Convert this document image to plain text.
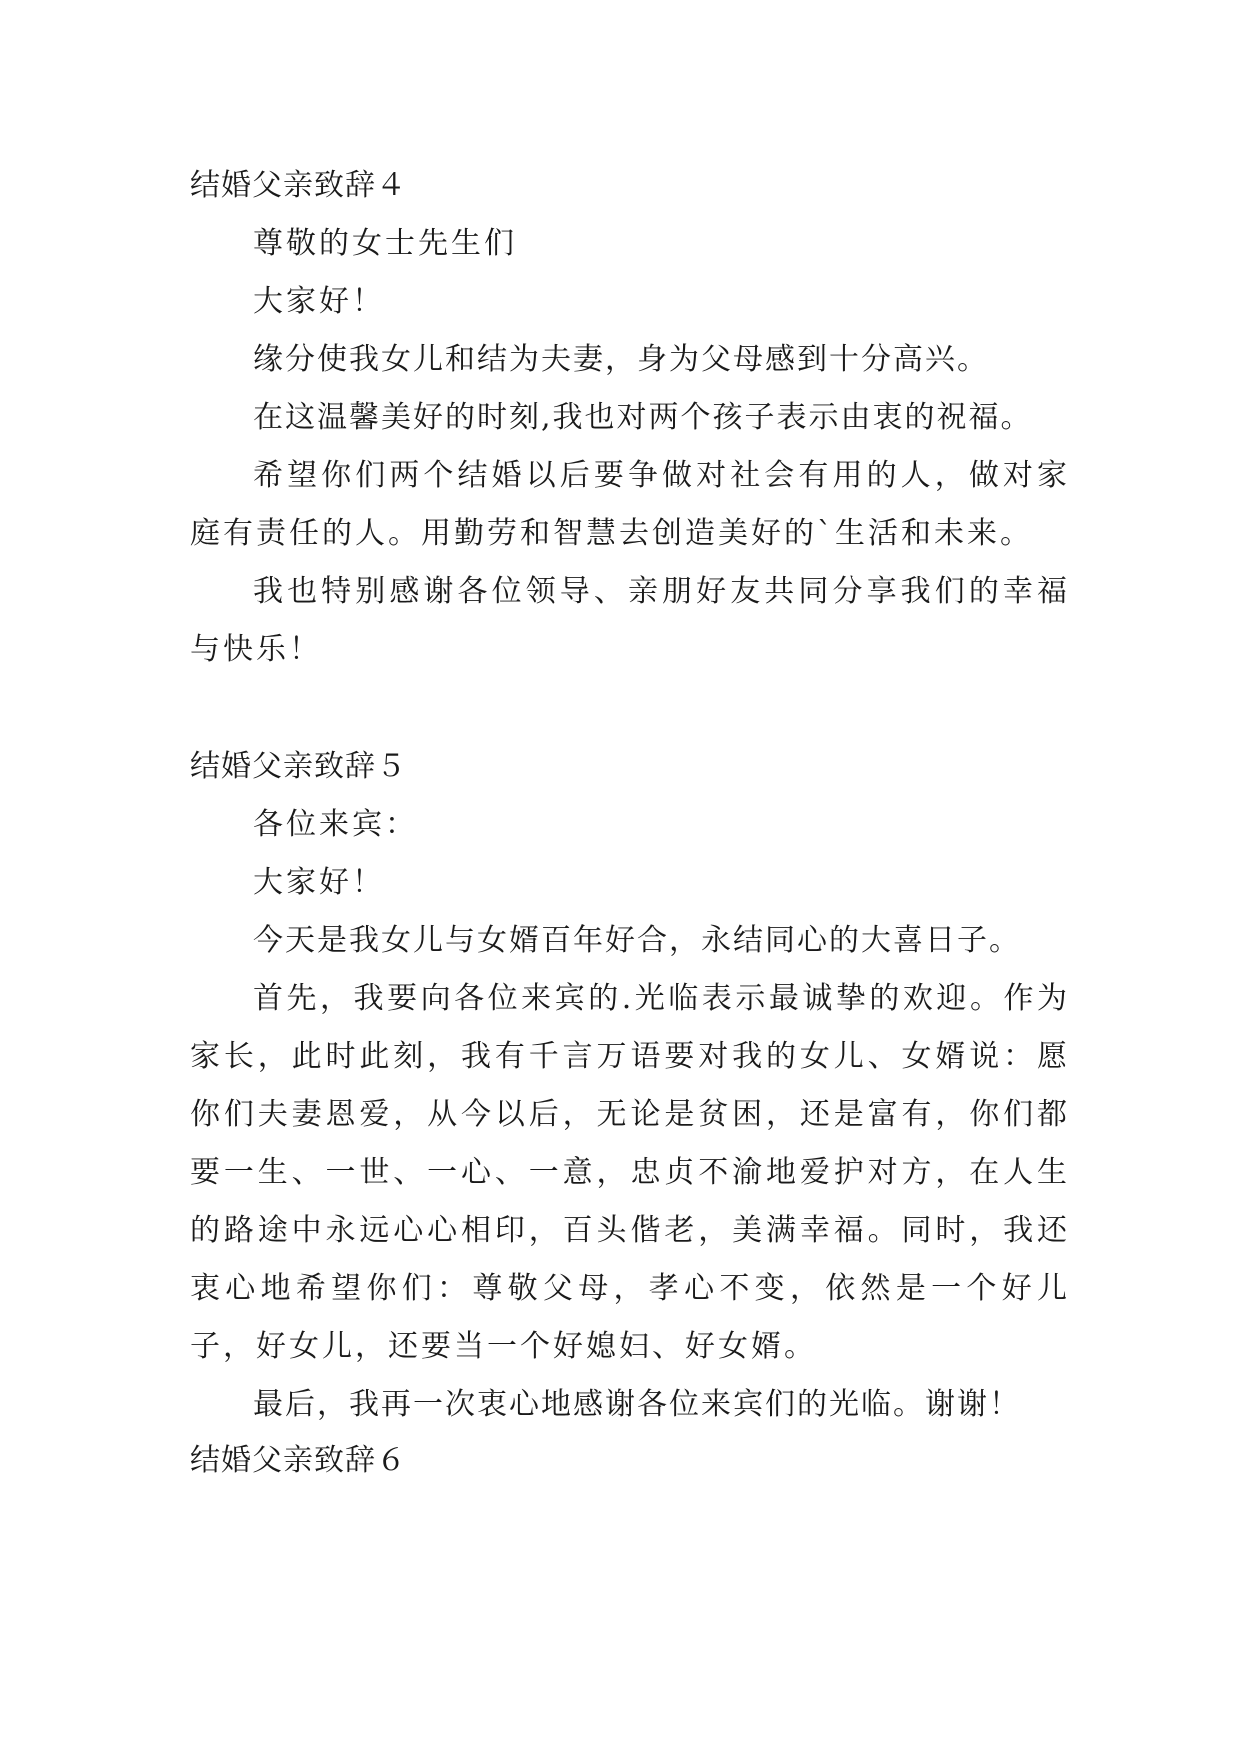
结婚父亲致辞４

尊敬的女士先生们

大家好！

缘分使我女儿和结为夫妻，身为父母感到十分高兴。

在这温馨美好的时刻,我也对两个孩子表示由衷的祝福。

希望你们两个结婚以后要争做对社会有用的人，做对家庭有责任的人。用勤劳和智慧去创造美好的`生活和未来。

我也特别感谢各位领导、亲朋好友共同分享我们的幸福与快乐！

结婚父亲致辞５

各位来宾：

大家好！

今天是我女儿与女婿百年好合，永结同心的大喜日子。

首先，我要向各位来宾的.光临表示最诚挚的欢迎。作为家长，此时此刻，我有千言万语要对我的女儿、女婿说：愿你们夫妻恩爱，从今以后，无论是贫困，还是富有，你们都要一生、一世、一心、一意，忠贞不渝地爱护对方，在人生的路途中永远心心相印，百头偕老，美满幸福。同时，我还衷心地希望你们：尊敬父母，孝心不变，依然是一个好儿子，好女儿，还要当一个好媳妇、好女婿。

最后，我再一次衷心地感谢各位来宾们的光临。谢谢！

结婚父亲致辞６
